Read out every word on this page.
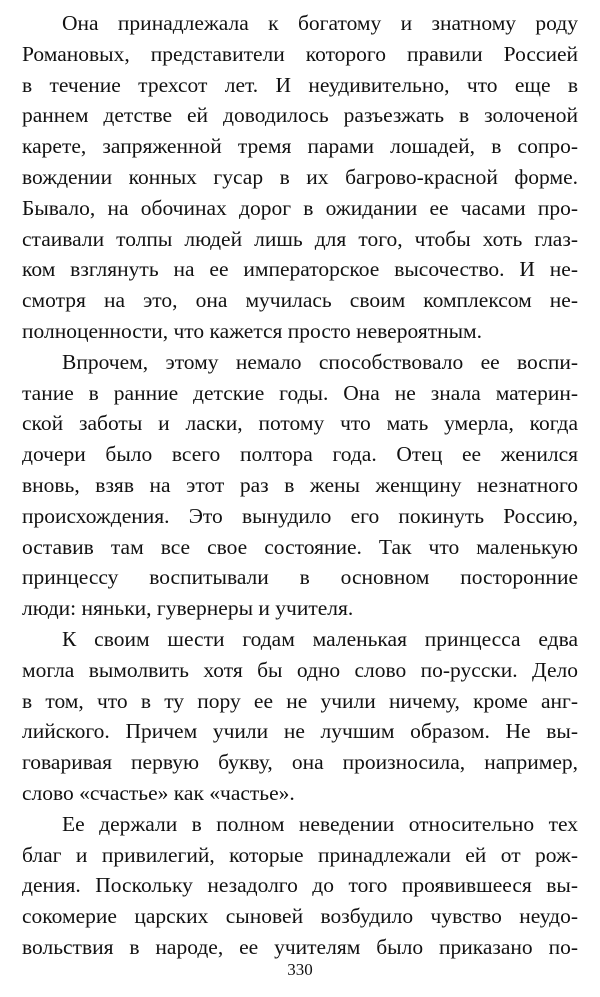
Она принадлежала к богатому и знатному роду
Романовых, представители которого правили Россией
в течение трехсот лет. И неудивительно, что еще в
раннем детстве ей доводилось разъезжать в золоченой
карете, запряженной тремя парами лошадей, в сопро-
вождении конных гусар в их багрово-красной форме.
Бывало, на обочинах дорог в ожидании ее часами про-
стаивали толпы людей лишь для того, чтобы хоть глаз-
ком взглянуть на ее императорское высочество. И не-
смотря на это, она мучилась своим комплексом не-
полноценности, что кажется просто невероятным.
Впрочем, этому немало способствовало ее воспи-
тание в ранние детские годы. Она не знала материн-
ской заботы и ласки, потому что мать умерла, когда
дочери было всего полтора года. Отец ее женился
вновь, взяв на этот раз в жены женщину незнатного
происхождения. Это вынудило его покинуть Россию,
оставив там все свое состояние. Так что маленькую
принцессу воспитывали в основном посторонние
люди: няньки, гувернеры и учителя.
К своим шести годам маленькая принцесса едва
могла вымолвить хотя бы одно слово по-русски. Дело
в том, что в ту пору ее не учили ничему, кроме анг-
лийского. Причем учили не лучшим образом. Не вы-
говаривая первую букву, она произносила, например,
слово «счастье» как «частье».
Ее держали в полном неведении относительно тех
благ и привилегий, которые принадлежали ей от рож-
дения. Поскольку незадолго до того проявившееся вы-
сокомерие царских сыновей возбудило чувство неудо-
вольствия в народе, ее учителям было приказано по-
330
